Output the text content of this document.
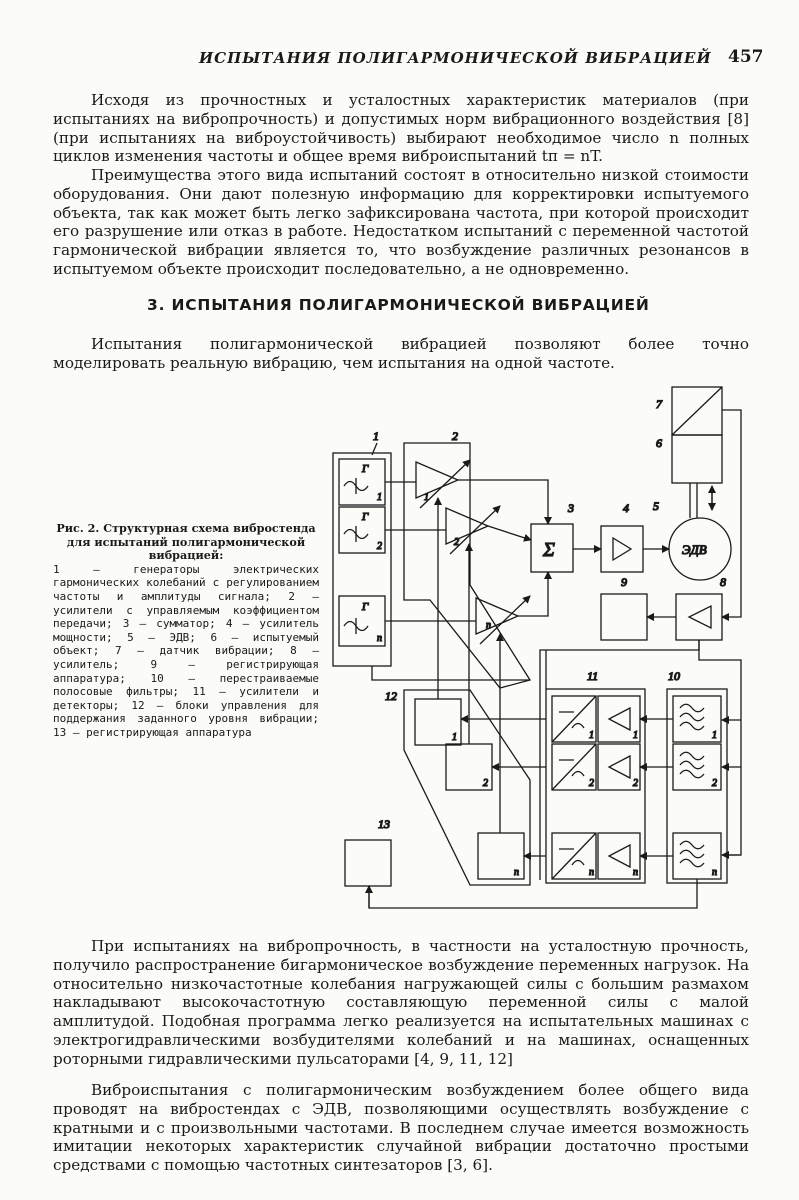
ИСПЫТАНИЯ ПОЛИГАРМОНИЧЕСКОЙ ВИБРАЦИЕЙ 457
Исходя из прочностных и усталостных характеристик материалов (при испытаниях на вибропрочность) и допустимых норм вибрационного воздействия [8] (при испытаниях на виброустойчивость) выбирают необходимое число n полных циклов изменения частоты и общее время виброиспытаний tп = nT.
Преимущества этого вида испытаний состоят в относительно низкой стоимости оборудования. Они дают полезную информацию для корректировки испытуемого объекта, так как может быть легко зафиксирована частота, при которой происходит его разрушение или отказ в работе. Недостатком испытаний с переменной частотой гармонической вибрации является то, что возбуждение различных резонансов в испытуемом объекте происходит последовательно, а не одновременно.
3. ИСПЫТАНИЯ ПОЛИГАРМОНИЧЕСКОЙ ВИБРАЦИЕЙ
Испытания полигармонической вибрацией позволяют более точно моделировать реальную вибрацию, чем испытания на одной частоте.
Рис. 2. Структурная схема вибростенда для испытаний полигармонической вибрацией:
1 — генераторы электрических гармонических колебаний с регулированием частоты и амплитуды сигнала; 2 — усилители с управляемым коэффициентом передачи; 3 — сумматор; 4 — усилитель мощности; 5 — ЭДВ; 6 — испытуемый объект; 7 — датчик вибрации; 8 — усилитель; 9 — регистрирующая аппаратура; 10 — перестраиваемые полосовые фильтры; 11 — усилители и детекторы; 12 — блоки управления для поддержания заданного уровня вибрации; 13 — регистрирующая аппаратура
Г
Г
Г
1
2
n
1
1
2
n
2
Σ
3	4
ЭДВ
5
7
6
8
9
1
2
n
10
1	1
2	2
n	n
11
1
2
n
12
13
При испытаниях на вибропрочность, в частности на усталостную прочность, получило распространение бигармоническое возбуждение переменных нагрузок. На относительно низкочастотные колебания нагружающей силы с большим размахом накладывают высокочастотную составляющую переменной силы с малой амплитудой. Подобная программа легко реализуется на испытательных машинах с электрогидравлическими возбудителями колебаний и на машинах, оснащенных роторными гидравлическими пульсаторами [4, 9, 11, 12]
Виброиспытания с полигармоническим возбуждением более общего вида проводят на вибростендах с ЭДВ, позволяющими осуществлять возбуждение с кратными и с произвольными частотами. В последнем случае имеется возможность имитации некоторых характеристик случайной вибрации достаточно простыми средствами с помощью частотных синтезаторов [3, 6].
